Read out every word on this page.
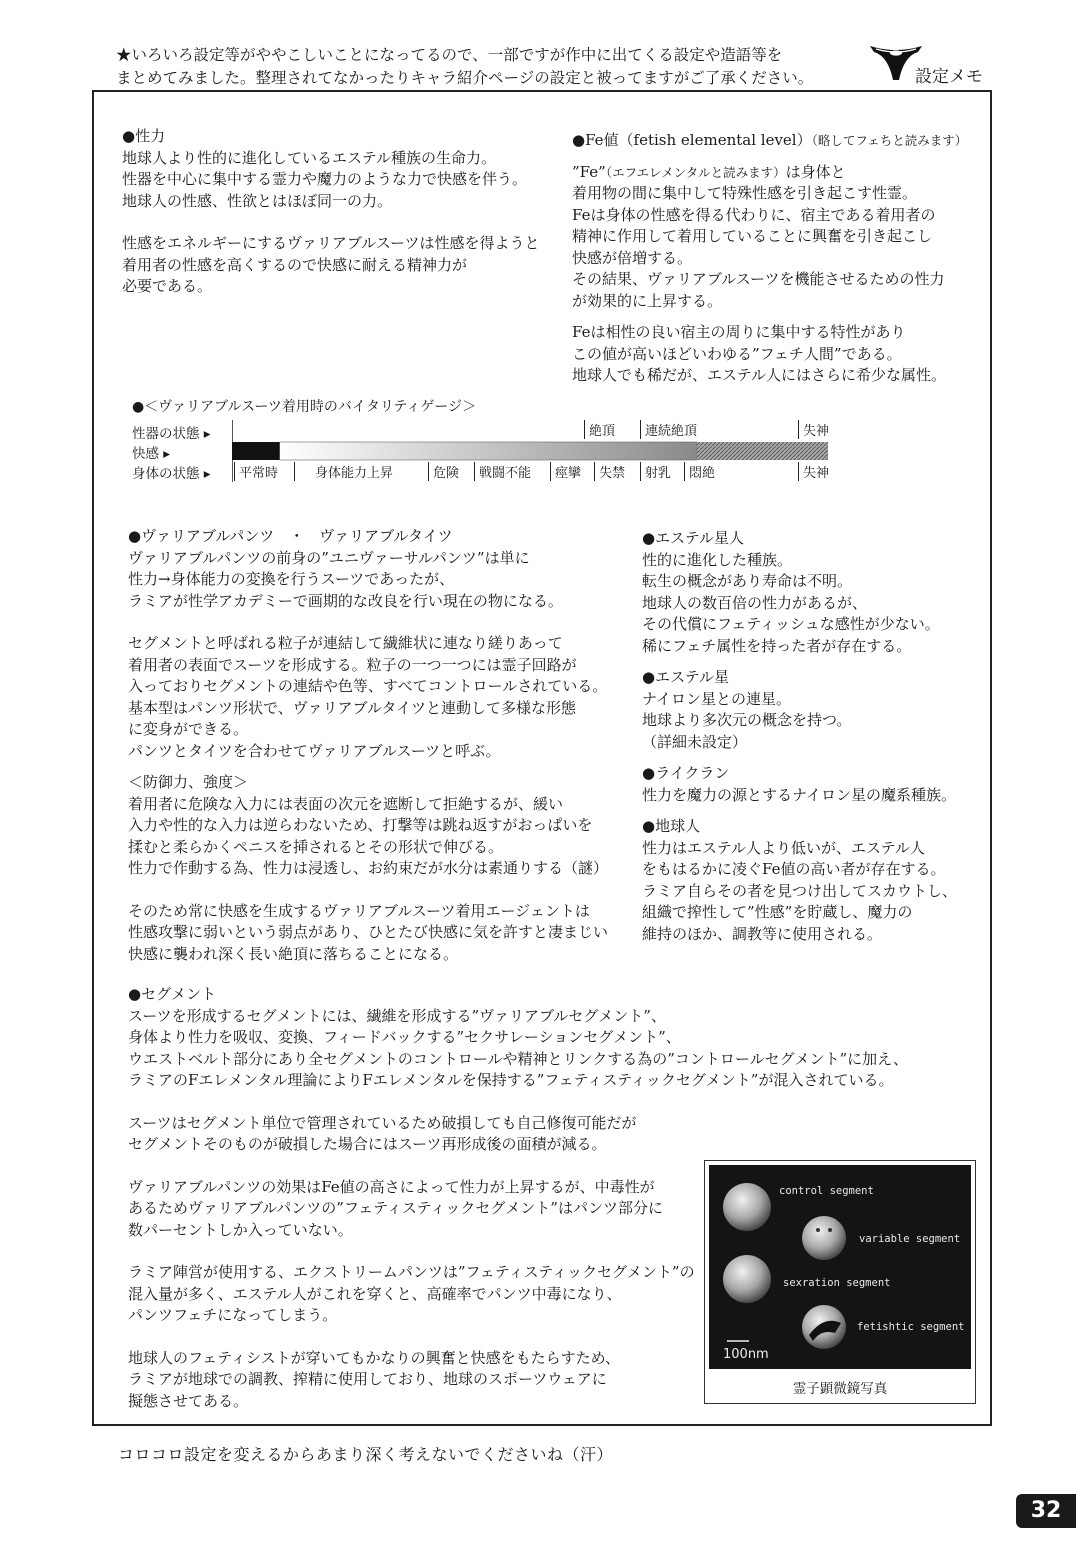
★いろいろ設定等がややこしいことになってるので、一部ですが作中に出てくる設定や造語等を
まとめてみました。整理されてなかったりキャラ紹介ページの設定と被ってますがご了承ください。	設定メモ
●性力
地球人より性的に進化しているエステル種族の生命力。
性器を中心に集中する霊力や魔力のような力で快感を伴う。
地球人の性感、性欲とはほぼ同一の力。
性感をエネルギーにするヴァリアブルスーツは性感を得ようと
着用者の性感を高くするので快感に耐える精神力が
必要である。
●Fe値（fetish elemental level）（略してフェちと読みます）
”Fe”（エフエレメンタルと読みます）は身体と
着用物の間に集中して特殊性感を引き起こす性霊。
Feは身体の性感を得る代わりに、宿主である着用者の
精神に作用して着用していることに興奮を引き起こし
快感が倍増する。
その結果、ヴァリアブルスーツを機能させるための性力
が効果的に上昇する。
Feは相性の良い宿主の周りに集中する特性があり
この値が高いほどいわゆる”フェチ人間”である。
地球人でも稀だが、エステル人にはさらに希少な属性。
●＜ヴァリアブルスーツ着用時のバイタリティゲージ＞
性器の状態 ▸
快感 ▸
身体の状態 ▸
絶頂	連続絶頂	失神
平常時	身体能力上昇	危険	戦闘不能	痙攣	失禁	射乳	悶絶	失神
●ヴァリアブルパンツ　・　ヴァリアブルタイツ
ヴァリアブルパンツの前身の”ユニヴァーサルパンツ”は単に
性力→身体能力の変換を行うスーツであったが、
ラミアが性学アカデミーで画期的な改良を行い現在の物になる。
セグメントと呼ばれる粒子が連結して繊維状に連なり縒りあって
着用者の表面でスーツを形成する。粒子の一つ一つには霊子回路が
入っておりセグメントの連結や色等、すべてコントロールされている。
基本型はパンツ形状で、ヴァリアブルタイツと連動して多様な形態
に変身ができる。
パンツとタイツを合わせてヴァリアブルスーツと呼ぶ。
＜防御力、強度＞
着用者に危険な入力には表面の次元を遮断して拒絶するが、緩い
入力や性的な入力は逆らわないため、打撃等は跳ね返すがおっぱいを
揉むと柔らかくペニスを挿されるとその形状で伸びる。
性力で作動する為、性力は浸透し、お約束だが水分は素通りする（謎）
そのため常に快感を生成するヴァリアブルスーツ着用エージェントは
性感攻撃に弱いという弱点があり、ひとたび快感に気を許すと凄まじい
快感に襲われ深く長い絶頂に落ちることになる。
●エステル星人
性的に進化した種族。
転生の概念があり寿命は不明。
地球人の数百倍の性力があるが、
その代償にフェティッシュな感性が少ない。
稀にフェチ属性を持った者が存在する。
●エステル星
ナイロン星との連星。
地球より多次元の概念を持つ。
（詳細未設定）
●ライクラン
性力を魔力の源とするナイロン星の魔系種族。
●地球人
性力はエステル人より低いが、エステル人
をもはるかに凌ぐFe値の高い者が存在する。
ラミア自らその者を見つけ出してスカウトし、
組織で搾性して”性感”を貯蔵し、魔力の
維持のほか、調教等に使用される。
●セグメント
スーツを形成するセグメントには、繊維を形成する”ヴァリアブルセグメント”、
身体より性力を吸収、変換、フィードバックする”セクサレーションセグメント”、
ウエストベルト部分にあり全セグメントのコントロールや精神とリンクする為の”コントロールセグメント”に加え、
ラミアのFエレメンタル理論によりFエレメンタルを保持する”フェティスティックセグメント”が混入されている。
スーツはセグメント単位で管理されているため破損しても自己修復可能だが
セグメントそのものが破損した場合にはスーツ再形成後の面積が減る。
ヴァリアブルパンツの効果はFe値の高さによって性力が上昇するが、中毒性が
あるためヴァリアブルパンツの”フェティスティックセグメント”はパンツ部分に
数パーセントしか入っていない。
ラミア陣営が使用する、エクストリームパンツは”フェティスティックセグメント”の
混入量が多く、エステル人がこれを穿くと、高確率でパンツ中毒になり、
パンツフェチになってしまう。
地球人のフェティシストが穿いてもかなりの興奮と快感をもたらすため、
ラミアが地球での調教、搾精に使用しており、地球のスポーツウェアに
擬態させてある。
control segment
variable segment
sexration segment
fetishtic segment
100nm
霊子顕微鏡写真
コロコロ設定を変えるからあまり深く考えないでくださいね（汗）
32
